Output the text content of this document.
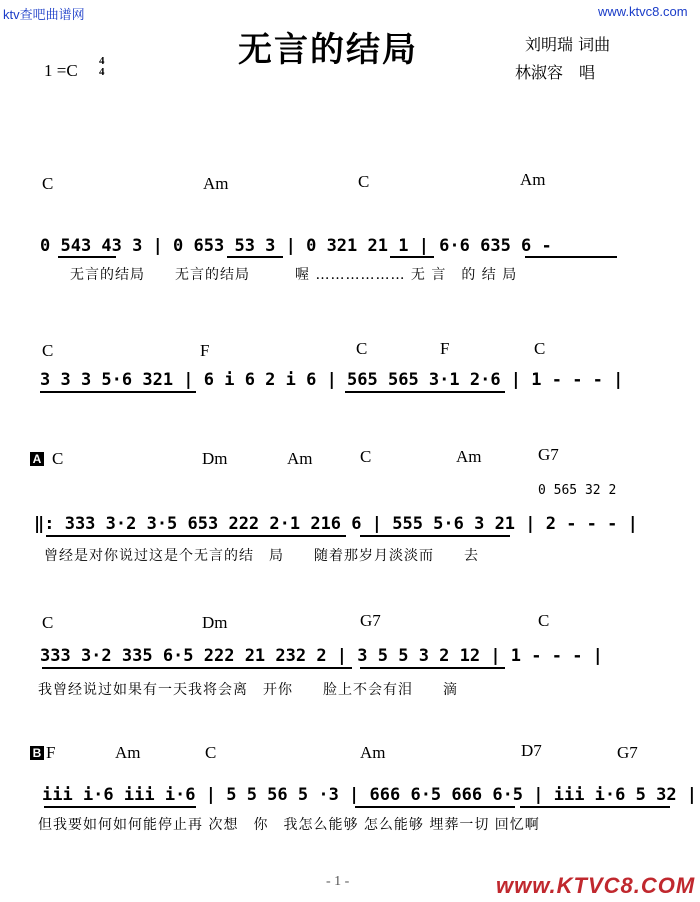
ktv查吧曲谱网	www.ktvc8.com
无言的结局	刘明瑞 词曲
林淑容　唱
1 =C 4
4
C	Am	C	Am
0 543 43 3 | 0 653 53 3 | 0 321 21 1 | 6·6 635 6 -
无言的结局　　无言的结局　　　喔 ……………… 无 言　的 结 局
C	F	C	F	C
3 3 3 5·6 321 | 6 i 6 2 i 6 | 565 565 3·1 2·6 | 1 - - - |
A C	Dm	Am	C	Am	G7
0 565 32 2
‖: 333 3·2 3·5 653 222 2·1 216 6 | 555 5·6 3 21 | 2 - - - |
曾经是对你说过这是个无言的结　局　　随着那岁月淡淡而　　去
C	Dm	G7	C
333 3·2 335 6·5 222 21 232 2 | 3 5 5 3 2 12 | 1 - - - |
我曾经说过如果有一天我将会离　开你　　脸上不会有泪　　滴
B F	Am	C	Am	D7	G7
iii i·6 iii i·6 | 5 5 56 5 ·3 | 666 6·5 666 6·5 | iii i·6 5 32 |
但我要如何如何能停止再 次想　你　我怎么能够 怎么能够 埋葬一切 回忆啊
- 1 -	www.KTVC8.COM
